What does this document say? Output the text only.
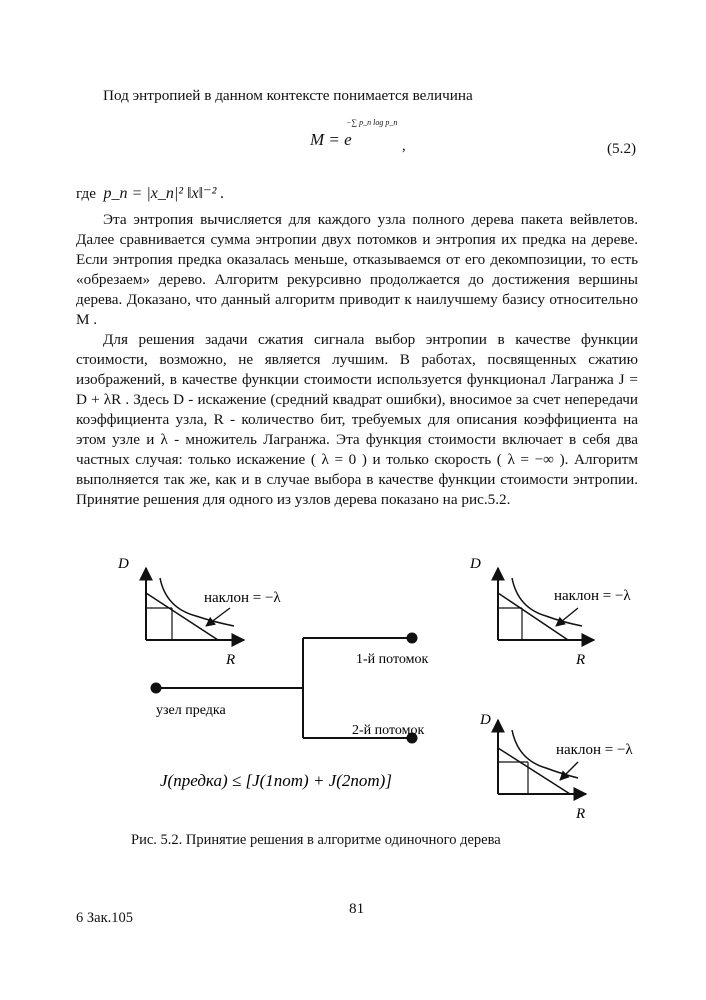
Под энтропией в данном контексте понимается величина
M = e
−∑ p_n log p_n
,	(5.2)
где p_n = |x_n|² ‖x‖⁻² .
Эта энтропия вычисляется для каждого узла полного дерева пакета вейвлетов. Далее сравнивается сумма энтропии двух потомков и энтропия их предка на дереве. Если энтропия предка оказалась меньше, отказываемся от его декомпозиции, то есть «обрезаем» дерево. Алгоритм рекурсивно продолжается до достижения вершины дерева. Доказано, что данный алгоритм приводит к наилучшему базису относительно M .
Для решения задачи сжатия сигнала выбор энтропии в качестве функции стоимости, возможно, не является лучшим. В работах, посвященных сжатию изображений, в качестве функции стоимости используется функционал Лагранжа J = D + λR . Здесь D - искажение (средний квадрат ошибки), вносимое за счет непередачи коэффициента узла, R - количество бит, требуемых для описания коэффициента на этом узле и λ - множитель Лагранжа. Эта функция стоимости включает в себя два частных случая: только искажение ( λ = 0 ) и только скорость ( λ = −∞ ). Алгоритм выполняется так же, как и в случае выбора в качестве функции стоимости энтропии. Принятие решения для одного из узлов дерева показано на рис.5.2.
D
R
наклон = −λ
D
R
наклон = −λ
D
R
наклон = −λ
1-й потомок
2-й потомок
узел предка
J(предка) ≤ [J(1пот) + J(2пот)]
Рис. 5.2. Принятие решения в алгоритме одиночного дерева
81
6 Зак.105
